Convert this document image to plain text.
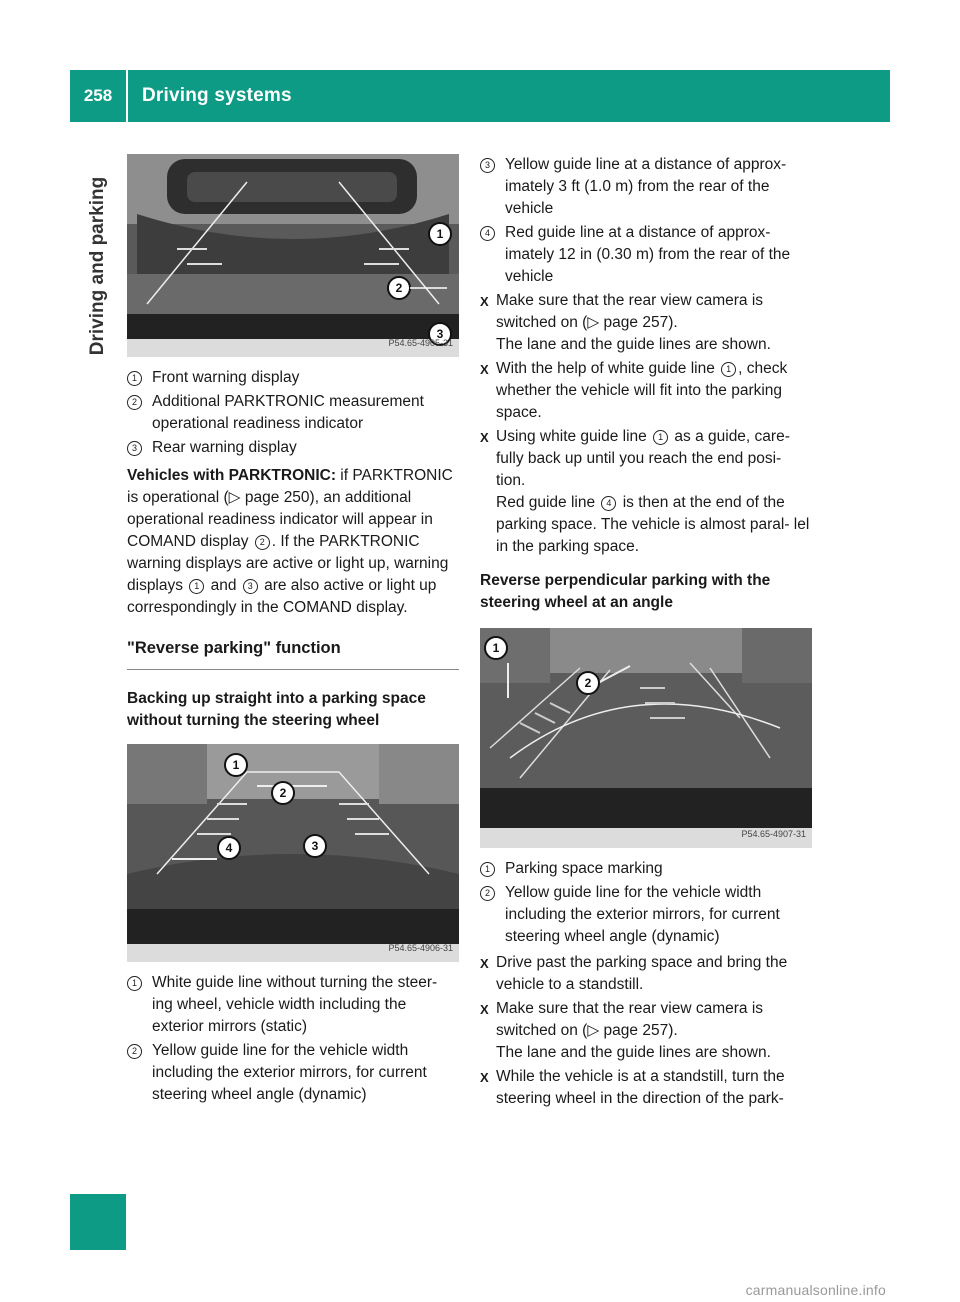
258	Driving systems
Driving and parking	1
2
3
P54.65-4905-31
1 Front warning display
2 Additional PARKTRONIC measurement operational readiness indicator
3 Rear warning display
Vehicles with PARKTRONIC: if PARKTRONIC is operational (▷ page 250), an additional operational readiness indicator will appear in COMAND display 2 . If the PARKTRONIC warning displays are active or light up, warning displays 1 and 3 are also active or light up correspondingly in the COMAND display.
"Reverse parking" function
Backing up straight into a parking space without turning the steering wheel
1
2
3
4
P54.65-4906-31
1 White guide line without turning the steer- ing wheel, vehicle width including the exterior mirrors (static)
2 Yellow guide line for the vehicle width including the exterior mirrors, for current steering wheel angle (dynamic)
3 Yellow guide line at a distance of approx- imately 3 ft (1.0 m) from the rear of the vehicle
4 Red guide line at a distance of approx- imately 12 in (0.30 m) from the rear of the vehicle
X Make sure that the rear view camera is switched on (▷ page 257).
The lane and the guide lines are shown.
X With the help of white guide line 1 , check whether the vehicle will fit into the parking space.
X Using white guide line 1 as a guide, care- fully back up until you reach the end posi- tion.
Red guide line 4 is then at the end of the parking space. The vehicle is almost paral- lel in the parking space.
Reverse perpendicular parking with the steering wheel at an angle
1
2
P54.65-4907-31
1 Parking space marking
2 Yellow guide line for the vehicle width including the exterior mirrors, for current steering wheel angle (dynamic)
X Drive past the parking space and bring the vehicle to a standstill.
X Make sure that the rear view camera is switched on (▷ page 257).
The lane and the guide lines are shown.
X While the vehicle is at a standstill, turn the steering wheel in the direction of the park-
carmanualsonline.info
